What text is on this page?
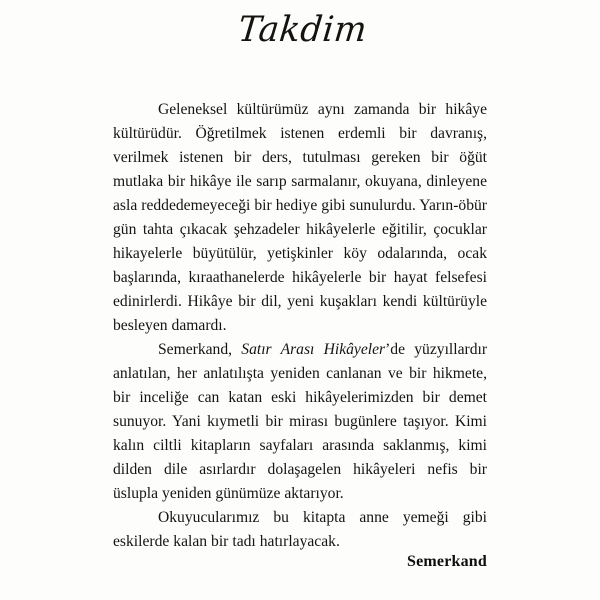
Takdim

Geleneksel kültürümüz aynı zamanda bir hikâye kültürüdür. Öğretilmek istenen erdemli bir davranış, verilmek istenen bir ders, tutulması gereken bir öğüt mutlaka bir hikâye ile sarıp sarmalanır, okuyana, dinleyene asla reddedemeyeceği bir hediye gibi sunulurdu. Yarın-öbür gün tahta çıkacak şehzadeler hikâyelerle eğitilir, çocuklar hikayelerle büyütülür, yetişkinler köy odalarında, ocak başlarında, kıraathanelerde hikâyelerle bir hayat felsefesi edinirlerdi. Hikâye bir dil, yeni kuşakları kendi kültürüyle besleyen damardı.

Semerkand, Satır Arası Hikâyeler’de yüzyıllardır anlatılan, her anlatılışta yeniden canlanan ve bir hikmete, bir inceliğe can katan eski hikâyelerimizden bir demet sunuyor. Yani kıymetli bir mirası bugünlere taşıyor. Kimi kalın ciltli kitapların sayfaları arasında saklanmış, kimi dilden dile asırlardır dolaşagelen hikâyeleri nefis bir üslupla yeniden günümüze aktarıyor.

Okuyucularımız bu kitapta anne yemeği gibi eskilerde kalan bir tadı hatırlayacak.

Semerkand
